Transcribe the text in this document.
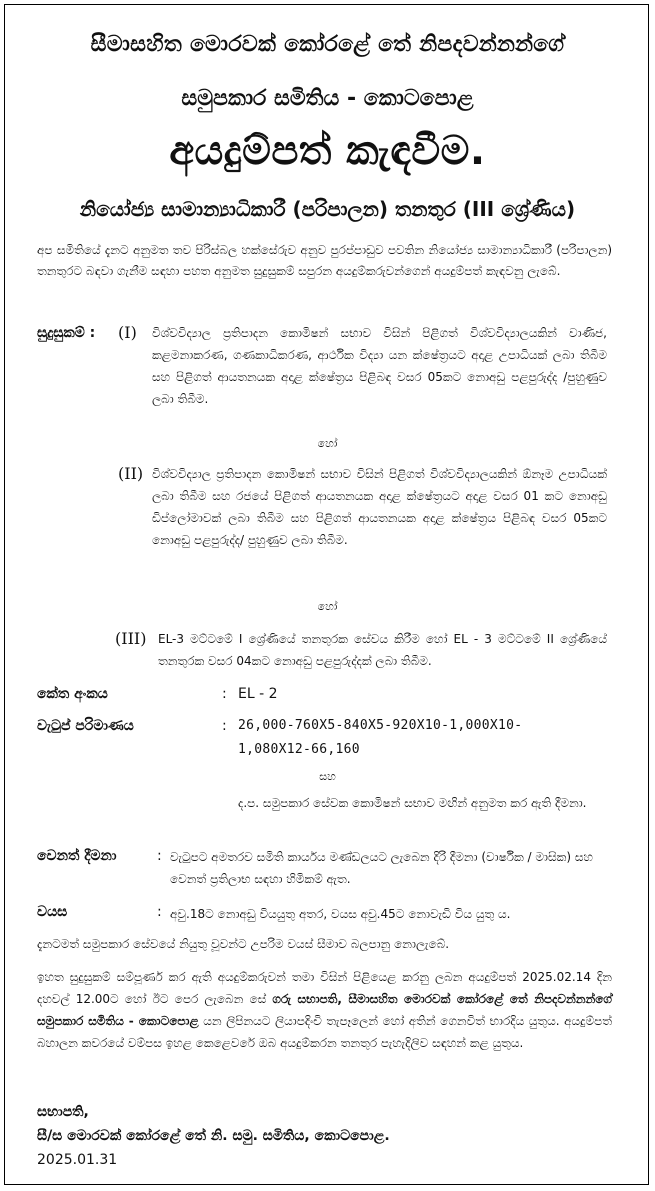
සීමාසහිත මොරවක් කෝරළේ තේ නිපදවන්නන්ගේ
සමුපකාර සමිතිය - කොටපොළ
අයදුම්පත් කැඳවීම.
නියෝජ්‍ය සාමාන්‍යාධිකාරී (පරිපාලන) තනතුර (III ශ්‍රේණිය)
අප සමිතියේ දැනට අනුමත තව පිරිස්බල හක්සේරුව අනුව පුරප්පාඩුව පවතින නියෝජ්‍ය සාමාන්‍යාධිකාරී (පරිපාලන) තනතුරට බඳවා ගැනීම සඳහා පහත අනුමත සුදුසුකම් සපුරන අයදුම්කරුවන්ගෙන් අයදුම්පත් කැඳවනු ලැබේ.
සුදුසුකම් : (I) විශ්වවිද්‍යාල ප්‍රතිපාදන කොමිෂන් සභාව විසින් පිළිගත් විශ්වවිද්‍යාලයකින් වාණිජ, කළමනාකරණ, ගණකාධිකරණ, ආර්ථික විද්‍යා යන ක්ෂේත්‍රයට අදාළ උපාධියක් ලබා තිබීම සහ පිළිගත් ආයතනයක අදාළ ක්ෂේත්‍රය පිළිබඳ වසර 05කට නොඅඩු පළපුරුද්ද /පුහුණුව ලබා තිබීම.
හෝ
(II) විශ්වවිද්‍යාල ප්‍රතිපාදන කොමිෂන් සභාව විසින් පිළිගත් විශ්වවිද්‍යාලයකින් ඕනෑම උපාධියක් ලබා තිබීම සහ රජයේ පිළිගත් ආයතනයක අදාළ ක්ෂේත්‍රයට අදාළ වසර 01 කට නොඅඩු ඩිප්ලෝමාවක් ලබා තිබීම සහ පිළිගත් ආයතනයක අදාළ ක්ෂේත්‍රය පිළිබඳ වසර 05කට නොඅඩු පළපුරුද්ද/ පුහුණුව ලබා තිබීම.
හෝ
(III) EL-3 මට්ටමේ I ශ්‍රේණියේ තනතුරක සේවය කිරීම හෝ EL - 3 මට්ටමේ II ශ්‍රේණියේ තනතුරක වසර 04කට නොඅඩු පළපුරුද්දක් ලබා තිබීම.
කේත අංකය	: EL - 2
වැටුප් පරිමාණය	: 26,000-760X5-840X5-920X10-1,000X10-
1,080X12-66,160
සහ
ද.ප. සමුපකාර සේවක කොමිෂන් සභාව මඟින් අනුමත කර ඇති දීමනා.
වෙනත් දීමනා	: වැටුපට අමතරව සමිති කාර්යය මණ්ඩලයට ලැබෙන දිරි දීමනා (වාර්ෂික / මාසික) සහ වෙනත් ප්‍රතිලාභ සඳහා හිමිකම් ඇත.
වයස	: අවු.18ට නොඅඩු වියයුතු අතර, වයස අවු.45ට නොවැඩි විය යුතු ය.
දැනටමත් සමුපකාර සේවයේ නියුතු වූවන්ට උපරිම වයස් සීමාව බලපානු නොලැබේ.
ඉහත සුදුසුකම් සම්පූර්ණ කර ඇති අයදුම්කරුවන් තමා විසින් පිළියෙළ කරනු ලබන අයදුම්පත් 2025.02.14 දින දහවල් 12.00ට හෝ ඊට පෙර ලැබෙන සේ ගරු සභාපති, සීමාසහිත මොරවක් කෝරළේ තේ නිපදවන්නන්ගේ සමුපකාර සමිතිය - කොටපොළ යන ලිපිනයට ලියාපදිංචි තැපෑලෙන් හෝ අතින් ගෙනවිත් භාරදිය යුතුය. අයදුම්පත් බහාලන කවරයේ වම්පස ඉහළ කෙළෙවරේ ඔබ අයදුම්කරන තනතුර පැහැදිලිව සඳහන් කළ යුතුය.
සභාපති,
සී/ස මොරවක් කෝරළේ තේ නි. සමු. සමිතිය, කොටපොළ.
2025.01.31
